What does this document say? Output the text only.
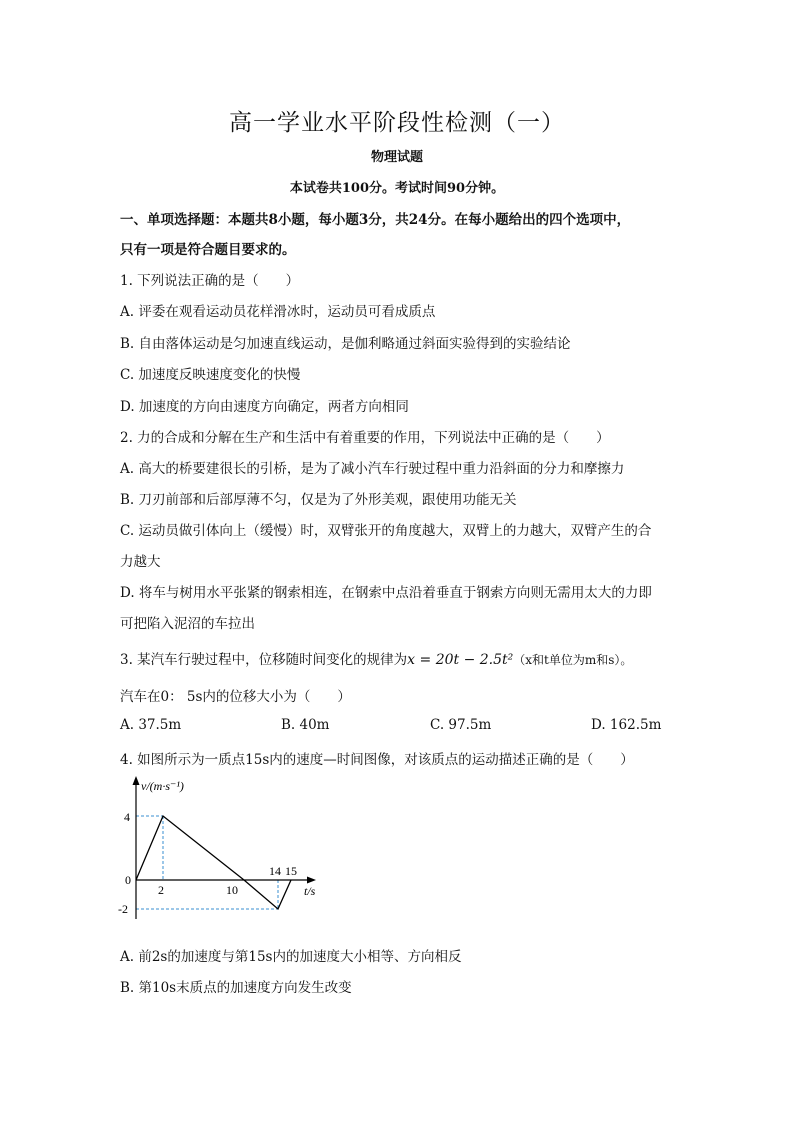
高一学业水平阶段性检测（一）
物理试题
本试卷共100分。考试时间90分钟。
一、单项选择题：本题共8小题，每小题3分，共24分。在每小题给出的四个选项中，
只有一项是符合题目要求的。
1. 下列说法正确的是（　　）
A. 评委在观看运动员花样滑冰时，运动员可看成质点
B. 自由落体运动是匀加速直线运动，是伽利略通过斜面实验得到的实验结论
C. 加速度反映速度变化的快慢
D. 加速度的方向由速度方向确定，两者方向相同
2. 力的合成和分解在生产和生活中有着重要的作用，下列说法中正确的是（　　）
A. 高大的桥要建很长的引桥，是为了减小汽车行驶过程中重力沿斜面的分力和摩擦力
B. 刀刃前部和后部厚薄不匀，仅是为了外形美观，跟使用功能无关
C. 运动员做引体向上（缓慢）时，双臂张开的角度越大，双臂上的力越大，双臂产生的合
力越大
D. 将车与树用水平张紧的钢索相连，在钢索中点沿着垂直于钢索方向则无需用太大的力即
可把陷入泥沼的车拉出
3. 某汽车行驶过程中，位移随时间变化的规律为x = 20t − 2.5t²（x和t单位为m和s）。
汽车在0： 5s内的位移大小为（　　）
A. 37.5m	B. 40m	C. 97.5m	D. 162.5m
4. 如图所示为一质点15s内的速度—时间图像，对该质点的运动描述正确的是（　　）
v/(m·s⁻¹)
4
0
-2
2	10
14 15
t/s
A. 前2s的加速度与第15s内的加速度大小相等、方向相反
B. 第10s末质点的加速度方向发生改变
